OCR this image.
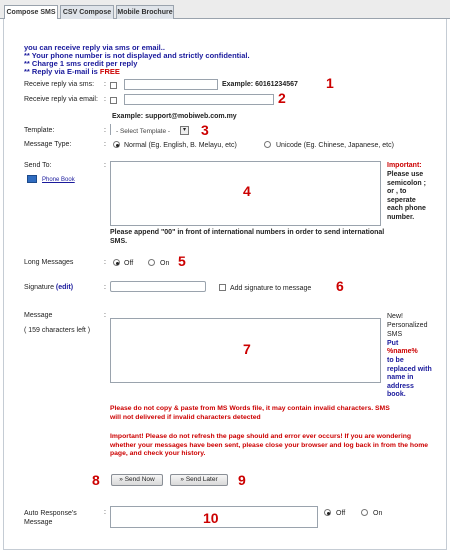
Compose SMS	CSV Compose Mobile Brochure
you can receive reply via sms or email..
** Your phone number is not displayed and strictly confidential.
** Charge 1 sms credit per reply
** Reply via E-mail is FREE
Receive reply via sms: :	Example: 60161234567 1
Receive reply via email: :	2
Example: support@mobiweb.com.my
Template:	: - Select Template -	▾ 3
Message Type:	:	Normal (Eg. English, B. Melayu, etc)	Unicode (Eg. Chinese, Japanese, etc)
Send To:	:
Phone Book
4
Important:
Please use semicolon ; or , to seperate each phone number.
Please append "00" in front of international numbers in order to send international SMS.
Long Messages	:	Off	On 5
Signature (edit)	:	Add signature to message 6
Message
( 159 characters left )
:
7
New!
Personalized SMS
Put
%name%
to be replaced with name in address book.
Please do not copy & paste from MS Words file, it may contain invalid characters. SMS will not delivered if invalid characters detected
Important! Please do not refresh the page should and error ever occurs! If you are wondering whether your messages have been sent, please close your browser and log back in from the home page, and check your history.
8	» Send Now	» Send Later	9
Auto Response's Message
:	10	Off	On
